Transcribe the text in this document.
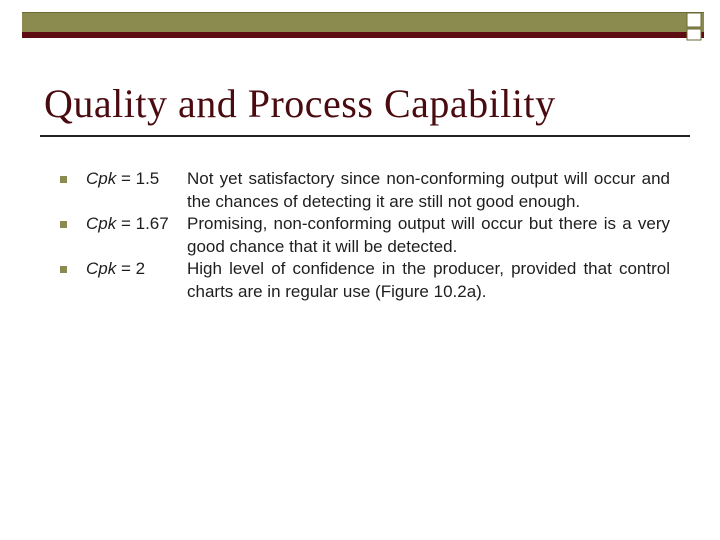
Quality and Process Capability
Cpk = 1.5 Not yet satisfactory since non-conforming output will occur and the chances of detecting it are still not good enough.
Cpk = 1.67 Promising, non-conforming output will occur but there is a very good chance that it will be detected.
Cpk = 2 High level of confidence in the producer, provided that control charts are in regular use (Figure 10.2a).
